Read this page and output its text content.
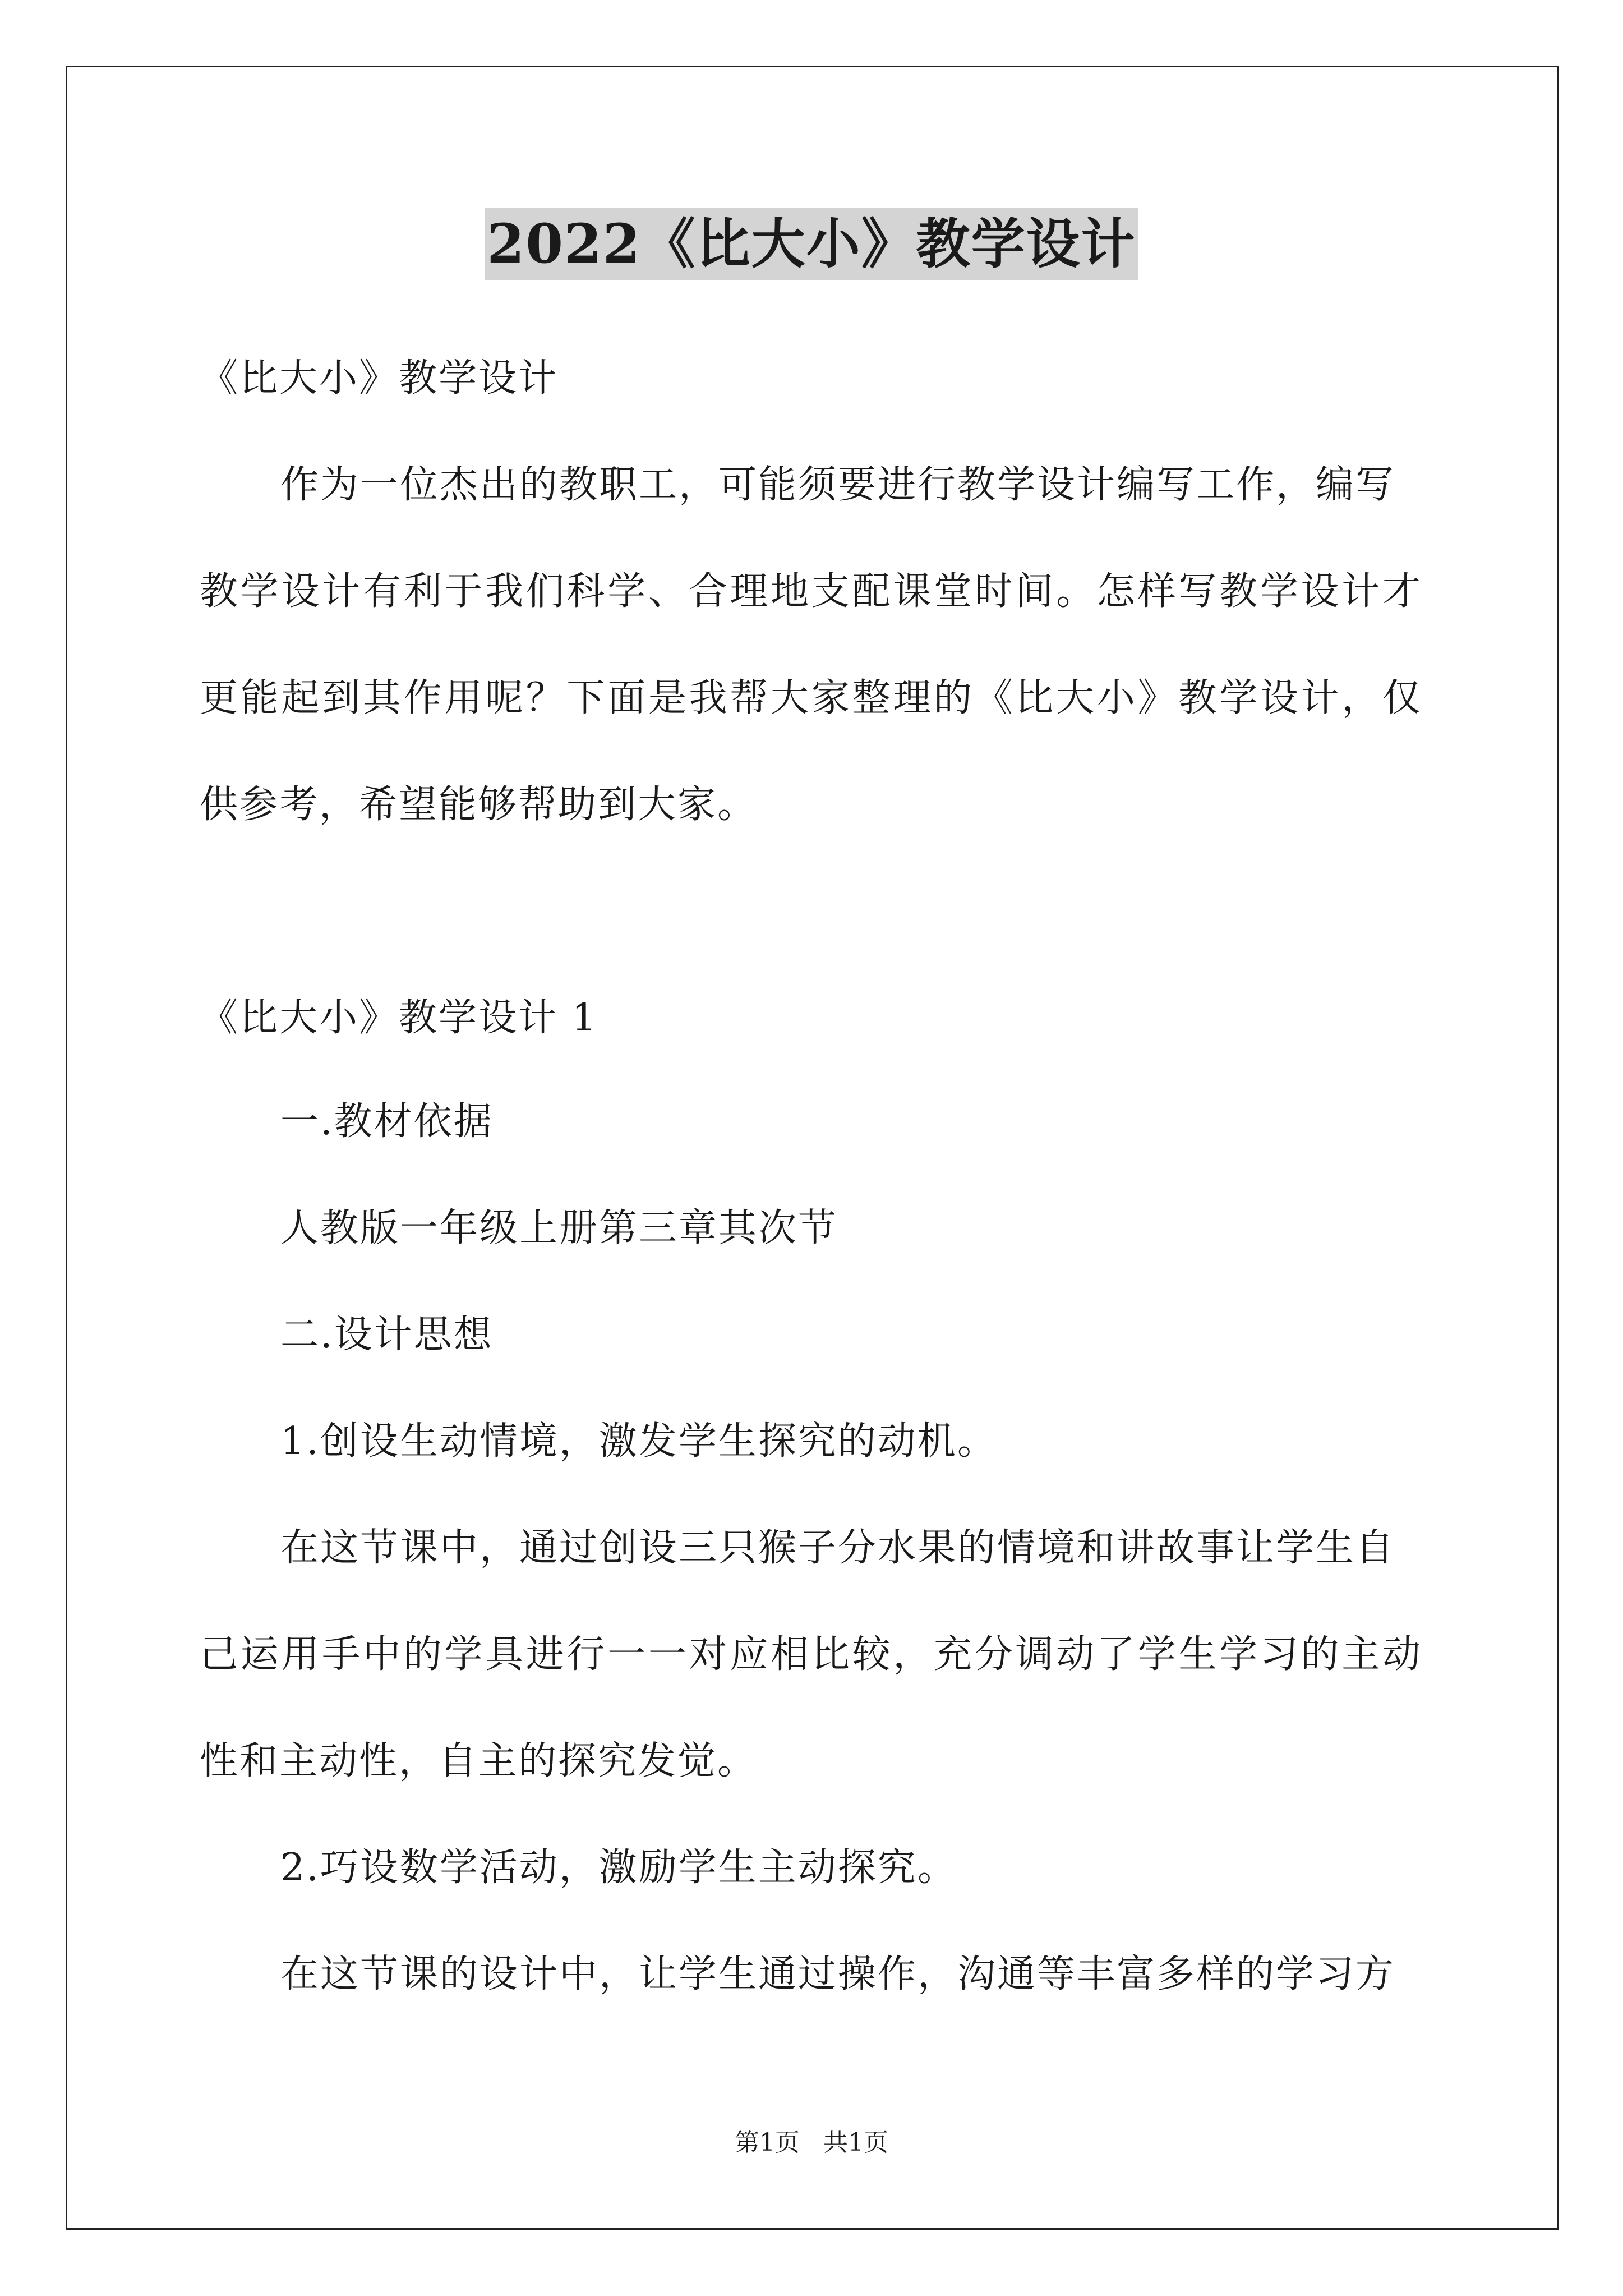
2022《比大小》教学设计
《比大小》教学设计
作为一位杰出的教职工，可能须要进行教学设计编写工作，编写
教学设计有利于我们科学、合理地支配课堂时间。怎样写教学设计才
更能起到其作用呢？下面是我帮大家整理的《比大小》教学设计，仅
供参考，希望能够帮助到大家。
《比大小》教学设计 1
一.教材依据
人教版一年级上册第三章其次节
二.设计思想
1.创设生动情境，激发学生探究的动机。
在这节课中，通过创设三只猴子分水果的情境和讲故事让学生自
己运用手中的学具进行一一对应相比较，充分调动了学生学习的主动
性和主动性，自主的探究发觉。
2.巧设数学活动，激励学生主动探究。
在这节课的设计中，让学生通过操作，沟通等丰富多样的学习方
第1页   共1页
